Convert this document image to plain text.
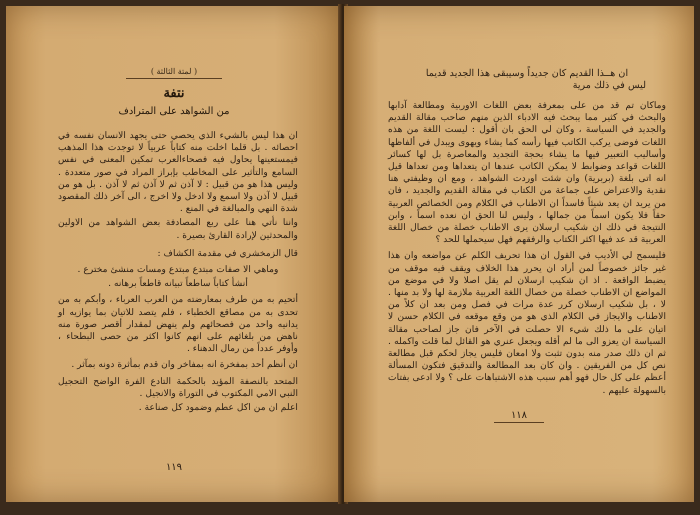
( لمتة الثالثة )
نتفة
من الشواهد على المترادف

ان هذا ليس بالشيء الذي يحصي حتى يجهد الانسان نفسه في احصائه . بل قلما اخلت منه كتاباً عربياً لا توجدت هذا المذهب فيمستعينها يحاول فيه فصحاءالعرب تمكين المعنى في نفس السامع والتأثير على المخاطب بإبراز المراد في صور متعددة . وليس هذا هو من قبيل : لا آذن ثم لا آذن ثم لا آذن . بل هو من قبيل لا آذن ولا اسمع ولا ادخل ولا اخرج ، الى آخر ذلك المقصود شدة النهي والمبالغة في المنع .

واننا نأتي هنا على ربع المصادفة بعض الشواهد من الاولين والمحدثين لإرادة القارئ بصيرة .

قال الزمخشري في مقدمة الكشاف :

وماهي الا صفات مبتدع مبتدع ومسات منشئ مخترع .

أنشأ كتاباً ساطعاً تبيانه قاطعاً برهانه .

أتحيم به من طرف بمعارضته من العرب العرباء ، وأبكم به من تحدى به من مصاقع الخطباء ، فلم يتصد للاتيان بما يوازيه او يدانيه واحد من فصحائهم ولم ينهض لمقدار أقصر صورة منه ناهض من بلغائهم على انهم كانوا اكثر من حصى البطحاء ، وأوفر عدداً من رمال الدهناء .

ان أنظم أحد بمفخرة انه بمفاخر وان قدم بمأثرة دونه بمآثر .

المتحد بالنصفة المؤيد بالحكمة التادع الفرة الواضح التحجيل النبي الامي المكتوب في التوراة والانجيل .

اعلم ان من اكل عطم وضمود كل صناعة .

١١٩

ان هــذا القديم كان جديداً وسيبقى هذا الجديد قديما

ليس في ذلك مرية

وماكان تم قد من على بمعرفة بعض اللغات الاوربية ومطالعة آدابها والبحث في كثير مما يبحث فيه الادباء الذين منهم صاحب مقالة القديم والجديد في السياسة ، وكان لي الحق بان أقول : ليست اللغة من هذه اللغات فوضى يركب الكاتب فيها رأسه كما يشاء ويهوى ويبدل في ألفاظها وأساليب التعبير فيها ما يشاء بحجة التجديد والمعاصرة بل لها كسائر اللغات قواعد وضوابط لا يمكن الكاتب عندها ان يتعداها ومن تعداها قيل انه اتى بلغة (بربرية) وان شئت اوردت الشواهد ، ومع ان وظيفتي هنا نقدية والاعتراض على جماعة من الكتاب في مقالة القديم والجديد ، فان من يريد ان يعد شيئاً فاسداً ان الاطناب في الكلام ومن الخصائص العربية حقاً فلا يكون اسماً من جمالها ، وليس لنا الحق ان نعده اسماً ، وابن النتيجة في ذلك ان شكيب ارسلان يرى الاطناب خصلة من خصال اللغة العربية قد عد فيها اكثر الكتاب والرفقهم فهل سيحملها للحد ؟

فليسمح لي الأديب في القول ان هذا تحريف الكلم عن مواضعه وان هذا غير جائز خصوصاً لمن أراد ان يحرر هذا الخلاف ويقف فيه موقف من يضبط الواقعة . اذ ان شكيب ارسلان لم يقل اصلا ولا في موضع من المواضع ان الاطناب خصلة من خصال اللغة العربية ملازمة لها ولا بد منها . لا ، بل شكيب ارسلان كرر عدة مرات في فصل ومن بعد ان كلاً من الاطناب والايجاز في الكلام الذي هو من وقع موقعه في الكلام حسن لا اتيان على ما ذلك شيء الا حصلت في الآخر فان جاز لصاحب مقالة السياسة ان يعزو الى ما لم أقله ويجعل عنري هو القائل لما قلت واكمله . ثم ان ذلك صدر منه بدون تثبت ولا امعان فليس يجاز لحكم قبل مطالعة نص كل من الفريقين . وان كان بعد المطالعة والتدقيق فتكون المسألة أعظم على كل حال فهو أهم سبب هذه الاشتباهات على ؟ ولا ادعى بفتات بالسهولة عليهم .

١١٨
